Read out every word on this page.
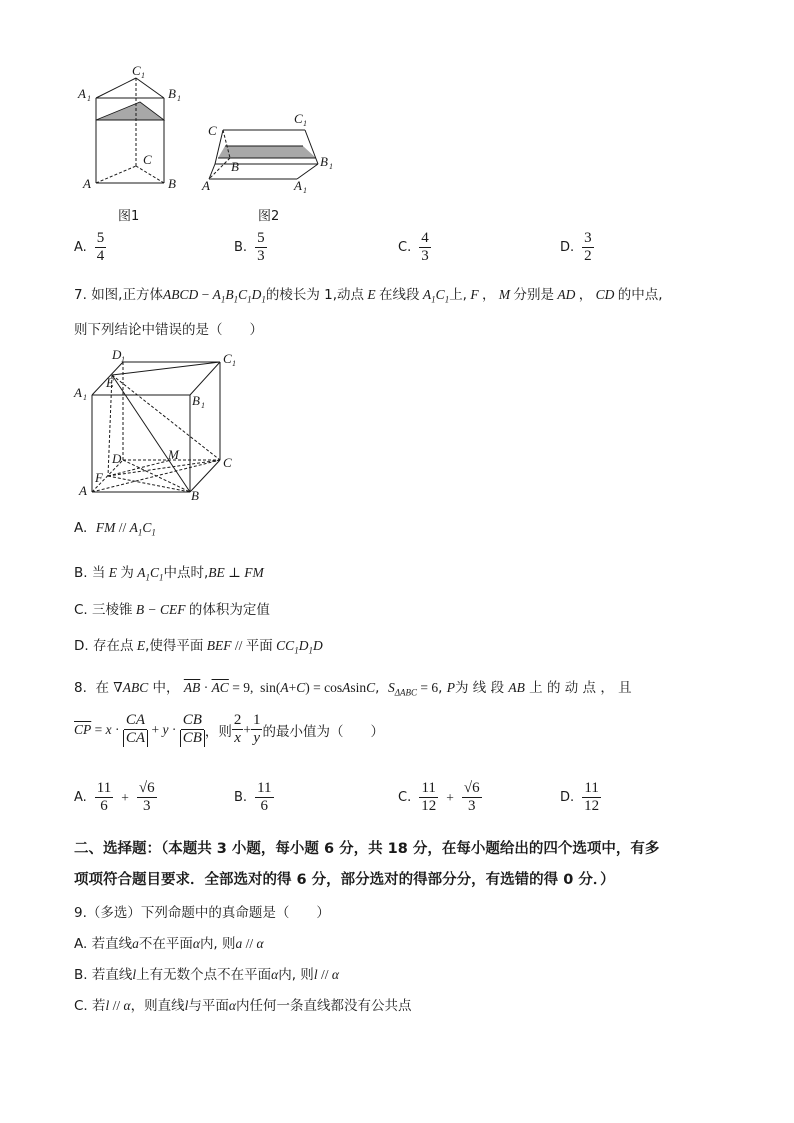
C 1
A 1	B 1
C
A	B
图1
C 1
C
B 1
B
A	A 1
图2
A. $\frac{5}{4}$	B. $\frac{5}{3}$	C. $\frac{4}{3}$	D. $\frac{3}{2}$
7. 如图,正方体ABCD − $A_1B_1C_1D_1$的棱长为 1,动点 E 在线段 $A_1C_1$上, F ， M 分别是 AD ， CD 的中点,
则下列结论中错误的是（　　）
D 1	C 1
E
A 1	B 1
D	M
C
F
A	B
A. FM // $A_1C_1$
B. 当 E 为 $A_1C_1$中点时,BE ⊥ FM
C. 三棱锥 B − CEF 的体积为定值
D. 存在点 E,使得平面 BEF // 平面 $CC_1D_1D$
8. 在 ∇ABC 中， $\overline{AB} \cdot \overline{AC} = 9$,  sin(A+C) = cosAsinC,  $S_{\Delta ABC} = 6$, P为 线 段 AB 上 的 动 点 ， 且
$\overline{CP} = x \cdot \frac{CA}{CA} + y \cdot \frac{CB}{CB}$ ，则 $\frac{2}{x} + \frac{1}{y}$ 的最小值为（　　）
A. $\frac{11}{6} + \frac{√6}{3}$	B. $\frac{11}{6}$	C. $\frac{11}{12} + \frac{√6}{3}$	D. $\frac{11}{12}$
二、选择题：（本题共 3 小题，每小题 6 分，共 18 分，在每小题给出的四个选项中，有多
项项符合题目要求．全部选对的得 6 分，部分选对的得部分分，有选错的得 0 分．）
9.（多选）下列命题中的真命题是（　　）
A. 若直线a不在平面α内, 则a // α
B. 若直线l上有无数个点不在平面α内, 则l // α
C. 若l // α，则直线l与平面α内任何一条直线都没有公共点
